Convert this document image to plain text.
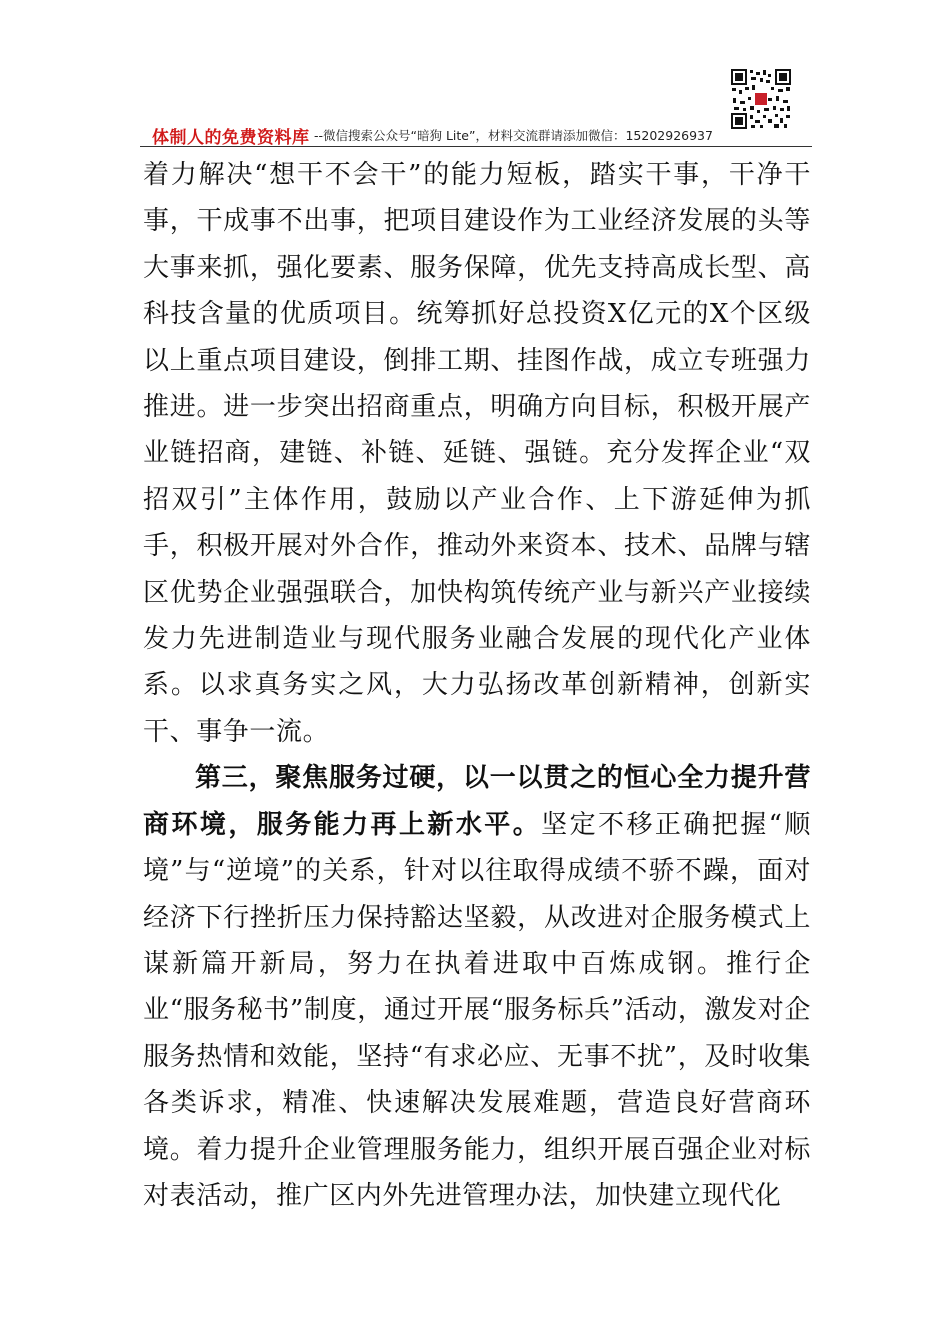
体制人的免费资料库 --微信搜索公众号“暗狗 Lite”，材料交流群请添加微信：15202926937

着力解决“想干不会干”的能力短板，踏实干事，干净干事，干成事不出事，把项目建设作为工业经济发展的头等大事来抓，强化要素、服务保障，优先支持高成长型、高科技含量的优质项目。统筹抓好总投资X亿元的X个区级以上重点项目建设，倒排工期、挂图作战，成立专班强力推进。进一步突出招商重点，明确方向目标，积极开展产业链招商，建链、补链、延链、强链。充分发挥企业“双招双引”主体作用，鼓励以产业合作、上下游延伸为抓手，积极开展对外合作，推动外来资本、技术、品牌与辖区优势企业强强联合，加快构筑传统产业与新兴产业接续发力先进制造业与现代服务业融合发展的现代化产业体系。以求真务实之风，大力弘扬改革创新精神，创新实干、事争一流。

第三，聚焦服务过硬，以一以贯之的恒心全力提升营商环境，服务能力再上新水平。坚定不移正确把握“顺境”与“逆境”的关系，针对以往取得成绩不骄不躁，面对经济下行挫折压力保持豁达坚毅，从改进对企服务模式上谋新篇开新局，努力在执着进取中百炼成钢。推行企业“服务秘书”制度，通过开展“服务标兵”活动，激发对企服务热情和效能，坚持“有求必应、无事不扰”，及时收集各类诉求，精准、快速解决发展难题，营造良好营商环境。着力提升企业管理服务能力，组织开展百强企业对标对表活动，推广区内外先进管理办法，加快建立现代化
